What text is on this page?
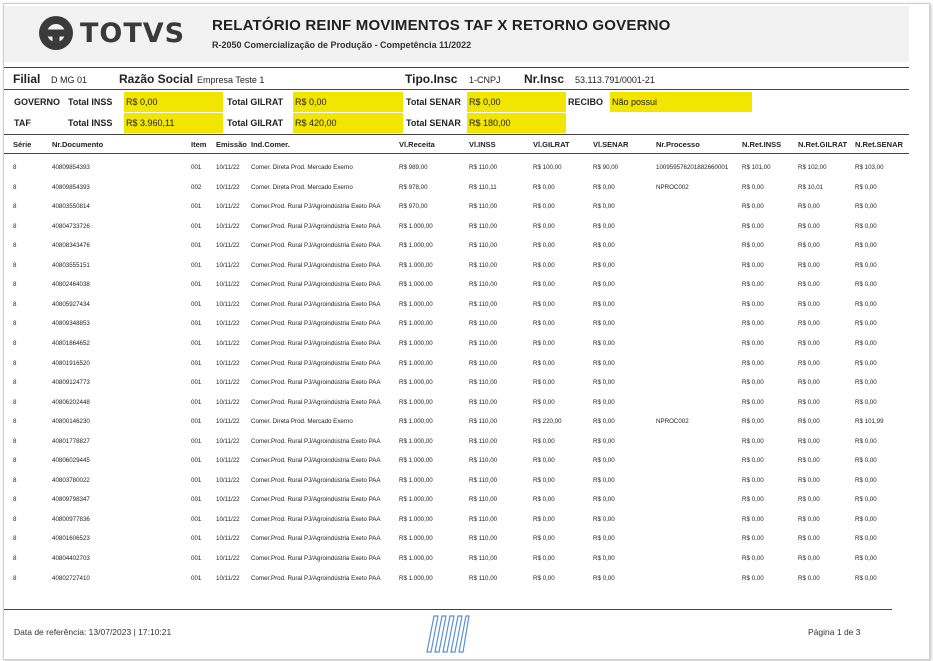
TOTVS RELATÓRIO REINF MOVIMENTOS TAF X RETORNO GOVERNO
R-2050 Comercialização de Produção - Competência 11/2022
Filial D MG 01	Razão Social Empresa Teste 1	Tipo.Insc 1-CNPJ Nr.Insc 53.113.791/0001-21
GOVERNO Total INSS R$ 0,00	Total GILRAT R$ 0,00	Total SENAR R$ 0,00	RECIBO Não possui
TAF	Total INSS R$ 3.960,11	Total GILRAT R$ 420,00	Total SENAR R$ 180,00
Série	Nr.Documento	Item Emissão Ind.Comer.	Vl.Receita	Vl.INSS	Vl.GILRAT	Vl.SENAR	Nr.Processo	N.Ret.INSS N.Ret.GILRAT N.Ret.SENAR
8	40809854393	001 10/11/22 Comer. Direta Prod. Mercado Exerno	R$ 989,00	R$ 110,00	R$ 100,00	R$ 90,00	100959576201882660001 R$ 101,00	R$ 102,00	R$ 103,00
8	40809854393	002 10/11/22 Comer. Direta Prod. Mercado Exerno	R$ 978,00	R$ 110,11	R$ 0,00	R$ 0,00	NPROC002	R$ 0,00	R$ 10,01	R$ 0,00
8	40803550814	001 10/11/22 Comer.Prod. Rural PJ/Agroindústria Exeto PAA	R$ 970,00	R$ 110,00	R$ 0,00	R$ 0,00	R$ 0,00	R$ 0,00	R$ 0,00
8	40804733726	001 10/11/22 Comer.Prod. Rural PJ/Agroindústria Exeto PAA	R$ 1.000,00	R$ 110,00	R$ 0,00	R$ 0,00	R$ 0,00	R$ 0,00	R$ 0,00
8	40808343476	001 10/11/22 Comer.Prod. Rural PJ/Agroindústria Exeto PAA	R$ 1.000,00	R$ 110,00	R$ 0,00	R$ 0,00	R$ 0,00	R$ 0,00	R$ 0,00
8	40803555151	001 10/11/22 Comer.Prod. Rural PJ/Agroindústria Exeto PAA	R$ 1.000,00	R$ 110,00	R$ 0,00	R$ 0,00	R$ 0,00	R$ 0,00	R$ 0,00
8	40802464038	001 10/11/22 Comer.Prod. Rural PJ/Agroindústria Exeto PAA	R$ 1.000,00	R$ 110,00	R$ 0,00	R$ 0,00	R$ 0,00	R$ 0,00	R$ 0,00
8	40805927434	001 10/11/22 Comer.Prod. Rural PJ/Agroindústria Exeto PAA	R$ 1.000,00	R$ 110,00	R$ 0,00	R$ 0,00	R$ 0,00	R$ 0,00	R$ 0,00
8	40809348853	001 10/11/22 Comer.Prod. Rural PJ/Agroindústria Exeto PAA	R$ 1.000,00	R$ 110,00	R$ 0,00	R$ 0,00	R$ 0,00	R$ 0,00	R$ 0,00
8	40801864652	001 10/11/22 Comer.Prod. Rural PJ/Agroindústria Exeto PAA	R$ 1.000,00	R$ 110,00	R$ 0,00	R$ 0,00	R$ 0,00	R$ 0,00	R$ 0,00
8	40801916520	001 10/11/22 Comer.Prod. Rural PJ/Agroindústria Exeto PAA	R$ 1.000,00	R$ 110,00	R$ 0,00	R$ 0,00	R$ 0,00	R$ 0,00	R$ 0,00
8	40809124773	001 10/11/22 Comer.Prod. Rural PJ/Agroindústria Exeto PAA	R$ 1.000,00	R$ 110,00	R$ 0,00	R$ 0,00	R$ 0,00	R$ 0,00	R$ 0,00
8	40806202448	001 10/11/22 Comer.Prod. Rural PJ/Agroindústria Exeto PAA	R$ 1.000,00	R$ 110,00	R$ 0,00	R$ 0,00	R$ 0,00	R$ 0,00	R$ 0,00
8	40800146230	001 10/11/22 Comer. Direta Prod. Mercado Exerno	R$ 1.000,00	R$ 110,00	R$ 220,00	R$ 0,00	NPROC002	R$ 0,00	R$ 0,00	R$ 101,99
8	40801778827	001 10/11/22 Comer.Prod. Rural PJ/Agroindústria Exeto PAA	R$ 1.000,00	R$ 110,00	R$ 0,00	R$ 0,00	R$ 0,00	R$ 0,00	R$ 0,00
8	40806029445	001 10/11/22 Comer.Prod. Rural PJ/Agroindústria Exeto PAA	R$ 1.000,00	R$ 110,00	R$ 0,00	R$ 0,00	R$ 0,00	R$ 0,00	R$ 0,00
8	40803780022	001 10/11/22 Comer.Prod. Rural PJ/Agroindústria Exeto PAA	R$ 1.000,00	R$ 110,00	R$ 0,00	R$ 0,00	R$ 0,00	R$ 0,00	R$ 0,00
8	40809798347	001 10/11/22 Comer.Prod. Rural PJ/Agroindústria Exeto PAA	R$ 1.000,00	R$ 110,00	R$ 0,00	R$ 0,00	R$ 0,00	R$ 0,00	R$ 0,00
8	40800977836	001 10/11/22 Comer.Prod. Rural PJ/Agroindústria Exeto PAA	R$ 1.000,00	R$ 110,00	R$ 0,00	R$ 0,00	R$ 0,00	R$ 0,00	R$ 0,00
8	40801606523	001 10/11/22 Comer.Prod. Rural PJ/Agroindústria Exeto PAA	R$ 1.000,00	R$ 110,00	R$ 0,00	R$ 0,00	R$ 0,00	R$ 0,00	R$ 0,00
8	40804402703	001 10/11/22 Comer.Prod. Rural PJ/Agroindústria Exeto PAA	R$ 1.000,00	R$ 110,00	R$ 0,00	R$ 0,00	R$ 0,00	R$ 0,00	R$ 0,00
8	40802727410	001 10/11/22 Comer.Prod. Rural PJ/Agroindústria Exeto PAA	R$ 1.000,00	R$ 110,00	R$ 0,00	R$ 0,00	R$ 0,00	R$ 0,00	R$ 0,00
Data de referência: 13/07/2023 | 17:10:21	Página 1 de 3
